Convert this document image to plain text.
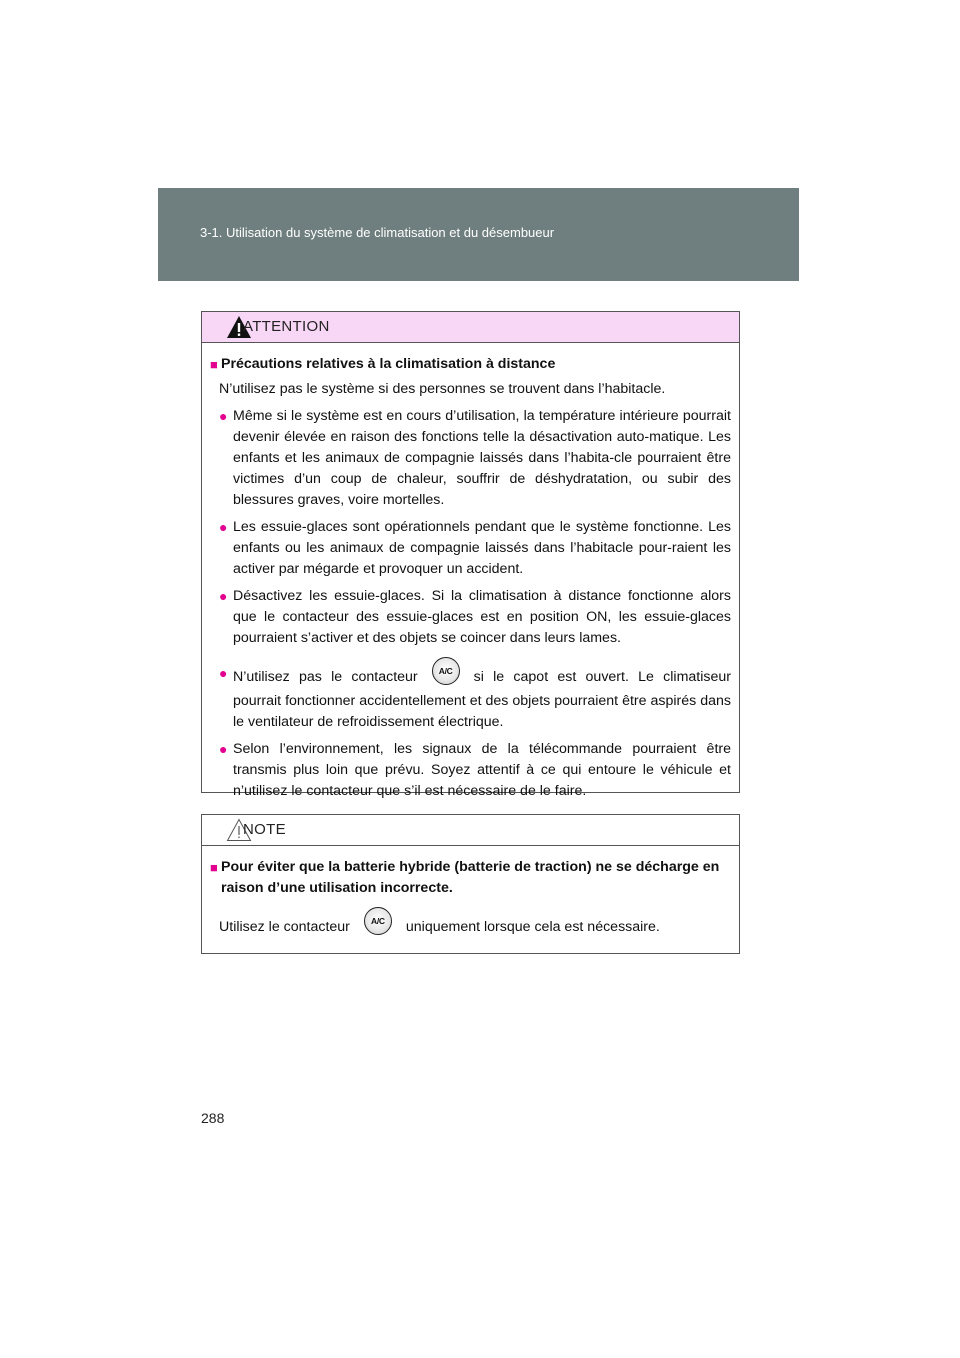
3-1. Utilisation du système de climatisation et du désembueur
ATTENTION
■ Précautions relatives à la climatisation à distance
N’utilisez pas le système si des personnes se trouvent dans l’habitacle.
● Même si le système est en cours d’utilisation, la température intérieure pourrait devenir élevée en raison des fonctions telle la désactivation auto-matique. Les enfants et les animaux de compagnie laissés dans l’habita-cle pourraient être victimes d’un coup de chaleur, souffrir de déshydratation, ou subir des blessures graves, voire mortelles.
● Les essuie-glaces sont opérationnels pendant que le système fonctionne. Les enfants ou les animaux de compagnie laissés dans l’habitacle pour-raient les activer par mégarde et provoquer un accident.
● Désactivez les essuie-glaces. Si la climatisation à distance fonctionne alors que le contacteur des essuie-glaces est en position ON, les essuie-glaces pourraient s’activer et des objets se coincer dans leurs lames.
● N’utilisez pas le contacteur A/C si le capot est ouvert. Le climatiseur pourrait fonctionner accidentellement et des objets pourraient être aspirés dans le ventilateur de refroidissement électrique.
● Selon l’environnement, les signaux de la télécommande pourraient être transmis plus loin que prévu. Soyez attentif à ce qui entoure le véhicule et n’utilisez le contacteur que s’il est nécessaire de le faire.
NOTE
■ Pour éviter que la batterie hybride (batterie de traction) ne se décharge en raison d’une utilisation incorrecte.
Utilisez le contacteur A/C uniquement lorsque cela est nécessaire.
288
